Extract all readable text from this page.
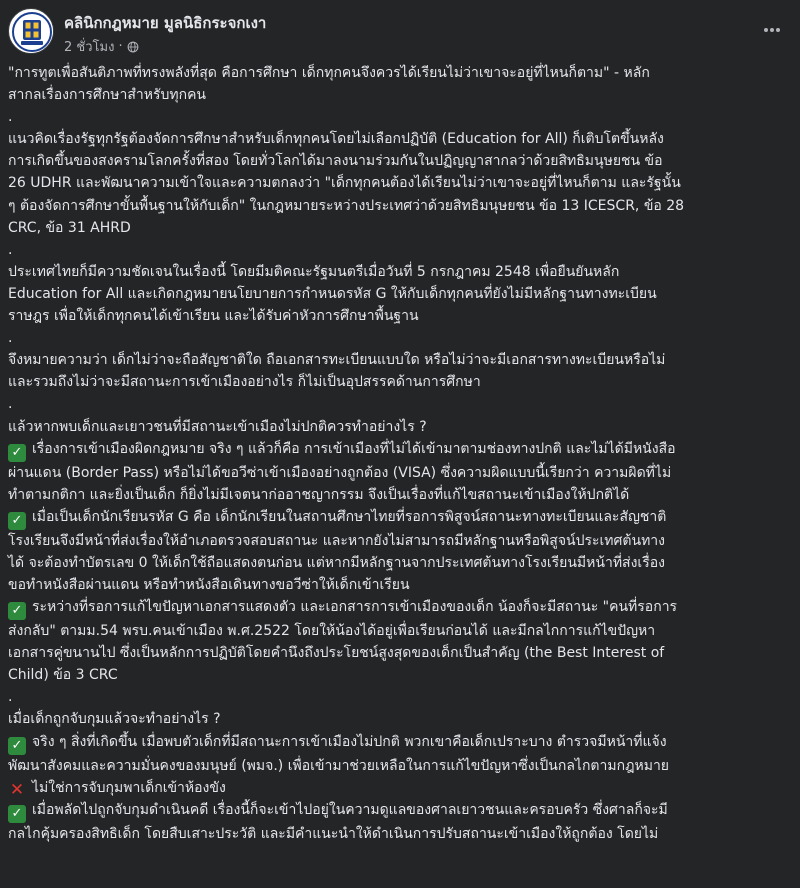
คลินิกกฎหมาย มูลนิธิกระจกเงา
2 ชั่วโมง ·
"การทูตเพื่อสันติภาพที่ทรงพลังที่สุด คือการศึกษา เด็กทุกคนจึงควรได้เรียนไม่ว่าเขาจะอยู่ที่ไหนก็ตาม" - หลัก
สากลเรื่องการศึกษาสำหรับทุกคน
.
แนวคิดเรื่องรัฐทุกรัฐต้องจัดการศึกษาสำหรับเด็กทุกคนโดยไม่เลือกปฏิบัติ (Education for All) ก็เติบโตขึ้นหลัง
การเกิดขึ้นของสงครามโลกครั้งที่สอง โดยทั่วโลกได้มาลงนามร่วมกันในปฏิญญาสากลว่าด้วยสิทธิมนุษยชน ข้อ
26 UDHR และพัฒนาความเข้าใจและความตกลงว่า "เด็กทุกคนต้องได้เรียนไม่ว่าเขาจะอยู่ที่ไหนก็ตาม และรัฐนั้น
ๆ ต้องจัดการศึกษาขั้นพื้นฐานให้กับเด็ก" ในกฎหมายระหว่างประเทศว่าด้วยสิทธิมนุษยชน ข้อ 13 ICESCR, ข้อ 28
CRC, ข้อ 31 AHRD
.
ประเทศไทยก็มีความชัดเจนในเรื่องนี้ โดยมีมติคณะรัฐมนตรีเมื่อวันที่ 5 กรกฎาคม 2548 เพื่อยืนยันหลัก
Education for All และเกิดกฎหมายนโยบายการกำหนดรหัส G ให้กับเด็กทุกคนที่ยังไม่มีหลักฐานทางทะเบียน
ราษฎร เพื่อให้เด็กทุกคนได้เข้าเรียน และได้รับค่าหัวการศึกษาพื้นฐาน
.
จึงหมายความว่า เด็กไม่ว่าจะถือสัญชาติใด ถือเอกสารทะเบียนแบบใด หรือไม่ว่าจะมีเอกสารทางทะเบียนหรือไม่
และรวมถึงไม่ว่าจะมีสถานะการเข้าเมืองอย่างไร ก็ไม่เป็นอุปสรรคด้านการศึกษา
.
แล้วหากพบเด็กและเยาวชนที่มีสถานะเข้าเมืองไม่ปกติควรทำอย่างไร ?
✓ เรื่องการเข้าเมืองผิดกฎหมาย จริง ๆ แล้วก็คือ การเข้าเมืองที่ไม่ได้เข้ามาตามช่องทางปกติ และไม่ได้มีหนังสือ
ผ่านแดน (Border Pass) หรือไม่ได้ขอวีซ่าเข้าเมืองอย่างถูกต้อง (VISA) ซึ่งความผิดแบบนี้เรียกว่า ความผิดที่ไม่
ทำตามกติกา และยิ่งเป็นเด็ก ก็ยิ่งไม่มีเจตนาก่ออาชญากรรม จึงเป็นเรื่องที่แก้ไขสถานะเข้าเมืองให้ปกติได้
✓ เมื่อเป็นเด็กนักเรียนรหัส G คือ เด็กนักเรียนในสถานศึกษาไทยที่รอการพิสูจน์สถานะทางทะเบียนและสัญชาติ
โรงเรียนจึงมีหน้าที่ส่งเรื่องให้อำเภอตรวจสอบสถานะ และหากยังไม่สามารถมีหลักฐานหรือพิสูจน์ประเทศต้นทาง
ได้ จะต้องทำบัตรเลข 0 ให้เด็กใช้ถือแสดงตนก่อน แต่หากมีหลักฐานจากประเทศต้นทางโรงเรียนมีหน้าที่ส่งเรื่อง
ขอทำหนังสือผ่านแดน หรือทำหนังสือเดินทางขอวีซ่าให้เด็กเข้าเรียน
✓ ระหว่างที่รอการแก้ไขปัญหาเอกสารแสดงตัว และเอกสารการเข้าเมืองของเด็ก น้องก็จะมีสถานะ "คนที่รอการ
ส่งกลับ" ตามม.54 พรบ.คนเข้าเมือง พ.ศ.2522 โดยให้น้องได้อยู่เพื่อเรียนก่อนได้ และมีกลไกการแก้ไขปัญหา
เอกสารคู่ขนานไป ซึ่งเป็นหลักการปฏิบัติโดยคำนึงถึงประโยชน์สูงสุดของเด็กเป็นสำคัญ (the Best Interest of
Child) ข้อ 3 CRC
.
เมื่อเด็กถูกจับกุมแล้วจะทำอย่างไร ?
✓ จริง ๆ สิ่งที่เกิดขึ้น เมื่อพบตัวเด็กที่มีสถานะการเข้าเมืองไม่ปกติ พวกเขาคือเด็กเปราะบาง ตำรวจมีหน้าที่แจ้ง
พัฒนาสังคมและความมั่นคงของมนุษย์ (พมจ.) เพื่อเข้ามาช่วยเหลือในการแก้ไขปัญหาซึ่งเป็นกลไกตามกฎหมาย
✕ ไม่ใช่การจับกุมพาเด็กเข้าห้องขัง
✓ เมื่อพลัดไปถูกจับกุมดำเนินคดี เรื่องนี้ก็จะเข้าไปอยู่ในความดูแลของศาลเยาวชนและครอบครัว ซึ่งศาลก็จะมี
กลไกคุ้มครองสิทธิเด็ก โดยสืบเสาะประวัติ และมีคำแนะนำให้ดำเนินการปรับสถานะเข้าเมืองให้ถูกต้อง โดยไม่
